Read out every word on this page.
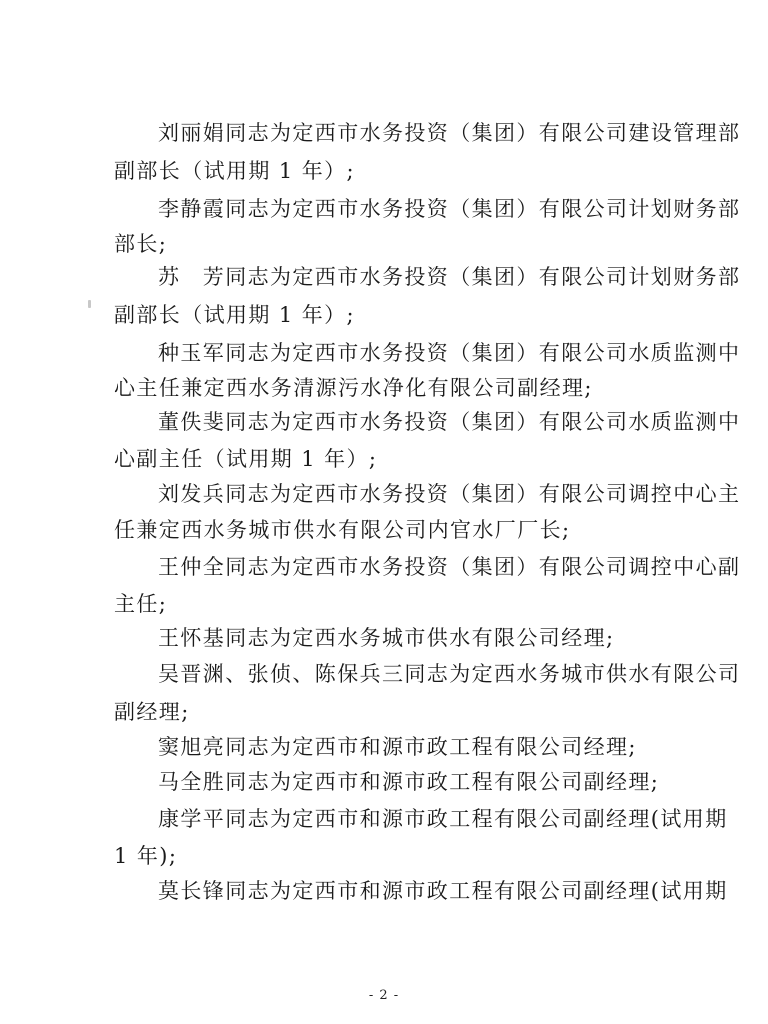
刘丽娟同志为定西市水务投资（集团）有限公司建设管理部
副部长（试用期 1 年）;
李静霞同志为定西市水务投资（集团）有限公司计划财务部
部长;
苏　芳同志为定西市水务投资（集团）有限公司计划财务部
副部长（试用期 1 年）;
种玉军同志为定西市水务投资（集团）有限公司水质监测中
心主任兼定西水务清源污水净化有限公司副经理;
董佚斐同志为定西市水务投资（集团）有限公司水质监测中
心副主任（试用期 1 年）;
刘发兵同志为定西市水务投资（集团）有限公司调控中心主
任兼定西水务城市供水有限公司内官水厂厂长;
王仲全同志为定西市水务投资（集团）有限公司调控中心副
主任;
王怀基同志为定西水务城市供水有限公司经理;
吴晋渊、张侦、陈保兵三同志为定西水务城市供水有限公司
副经理;
窦旭亮同志为定西市和源市政工程有限公司经理;
马全胜同志为定西市和源市政工程有限公司副经理;
康学平同志为定西市和源市政工程有限公司副经理(试用期
1 年);
莫长锋同志为定西市和源市政工程有限公司副经理(试用期
- 2 -
